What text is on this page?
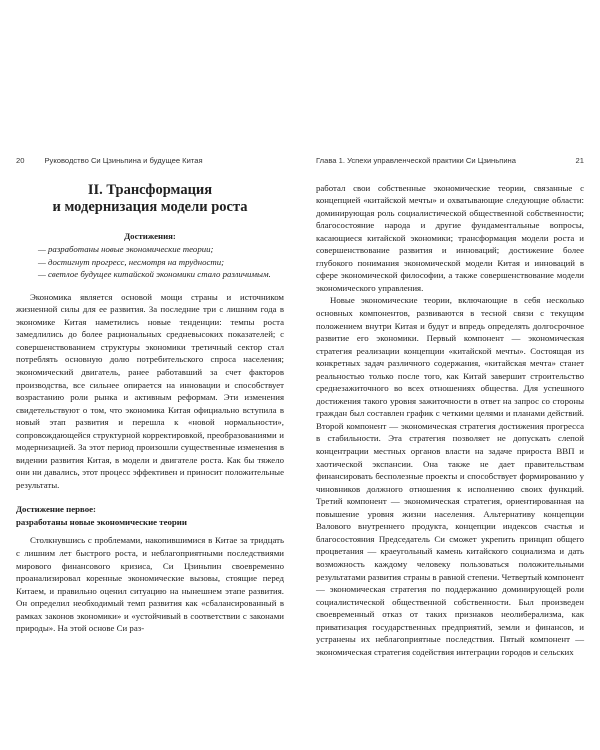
20	Руководство Си Цзиньпина и будущее Китая
II. Трансформация
и модернизация модели роста
Достижения:
— разработаны новые экономические теории;
— достигнут прогресс, несмотря на трудности;
— светлое будущее китайской экономики стало различимым.

Экономика является основой мощи страны и источником жизненной силы для ее развития. За последние три с лишним года в экономике Китая наметились новые тенденции: темпы роста замедлились до более рациональных средневысоких показателей; с совершенствованием структуры экономики третичный сектор стал потреблять основную долю потребительского спроса населения; экономический двигатель, ранее работавший за счет факторов производства, все сильнее опирается на инновации и способствует возрастанию роли рынка и активным реформам. Эти изменения свидетельствуют о том, что экономика Китая официально вступила в новый этап развития и перешла к «новой нормальности», сопровождающейся структурной корректировкой, преобразованиями и модернизацией. За этот период произошли существенные изменения в видении развития Китая, в модели и двигателе роста. Как бы тяжело они ни давались, этот процесс эффективен и приносит положительные результаты.

Достижение первое:
разработаны новые экономические теории

Столкнувшись с проблемами, накопившимися в Китае за тридцать с лишним лет быстрого роста, и неблагоприятными последствиями мирового финансового кризиса, Си Цзиньпин своевременно проанализировал коренные экономические вызовы, стоящие перед Китаем, и правильно оценил ситуацию на нынешнем этапе развития. Он определил необходимый темп развития как «сбалансированный в рамках законов экономики» и «устойчивый в соответствии с законами природы». На этой основе Си раз-

Глава 1. Успехи управленческой практики Си Цзиньпина	21

работал свои собственные экономические теории, связанные с концепцией «китайской мечты» и охватывающие следующие области: доминирующая роль социалистической общественной собственности; благосостояние народа и другие фундаментальные вопросы, касающиеся китайской экономики; трансформация модели роста и совершенствование развития и инноваций; достижение более глубокого понимания экономической модели Китая и инноваций в сфере экономической философии, а также совершенствование модели экономического управления.

Новые экономические теории, включающие в себя несколько основных компонентов, развиваются в тесной связи с текущим положением внутри Китая и будут и впредь определять долгосрочное развитие его экономики. Первый компонент — экономическая стратегия реализации концепции «китайской мечты». Состоящая из конкретных задач различного содержания, «китайская мечта» станет реальностью только после того, как Китай завершит строительство среднезажиточного во всех отношениях общества. Для успешного достижения такого уровня зажиточности в ответ на запрос со стороны граждан был составлен график с четкими целями и планами действий. Второй компонент — экономическая стратегия достижения прогресса в стабильности. Эта стратегия позволяет не допускать слепой концентрации местных органов власти на задаче прироста ВВП и хаотической экспансии. Она также не дает правительствам финансировать бесполезные проекты и способствует формированию у чиновников должного отношения к исполнению своих функций. Третий компонент — экономическая стратегия, ориентированная на повышение уровня жизни населения. Альтернативу концепции Валового внутреннего продукта, концепции индексов счастья и благосостояния Председатель Си сможет укрепить принцип общего процветания — краеугольный камень китайского социализма и дать возможность каждому человеку пользоваться положительными результатами развития страны в равной степени. Четвертый компонент — экономическая стратегия по поддержанию доминирующей роли социалистической общественной собственности. Был произведен своевременный отказ от таких признаков неолиберализма, как приватизация государственных предприятий, земли и финансов, и устранены их неблагоприятные последствия. Пятый компонент — экономическая стратегия содействия интеграции городов и сельских
